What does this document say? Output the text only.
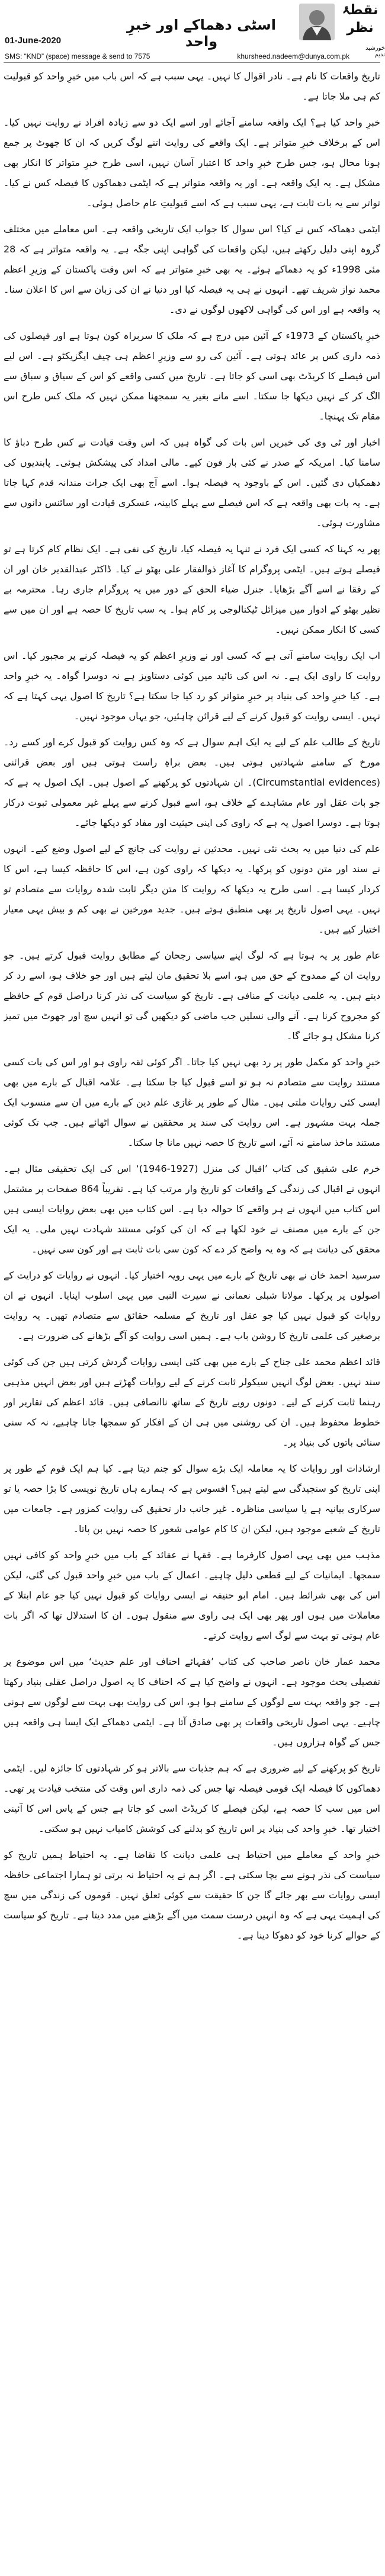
01-June-2020
اسٹی دھماکے اور خبرِ واحد
نقطۂ نظر
خورشید ندیم
SMS: “KND” (space) message & send to 7575	khursheed.nadeem@dunya.com.pk

تاریخ واقعات کا نام ہے۔ نادر اقوال کا نہیں۔ یہی سبب ہے کہ اس باب میں خبرِ واحد کو قبولیت کم ہی ملا جاتا ہے۔

خبرِ واحد کیا ہے؟ ایک واقعہ سامنے آجائے اور اسے ایک دو سے زیادہ افراد نے روایت نہیں کیا۔ اس کے برخلاف خبرِ متواتر ہے۔ ایک واقعے کی روایت اتنے لوگ کریں کہ ان کا جھوٹ پر جمع ہونا محال ہو، جس طرح خبرِ واحد کا اعتبار آسان نہیں، اسی طرح خبرِ متواتر کا انکار بھی مشکل ہے۔ یہ ایک واقعہ ہے۔ اور یہ واقعہ متواتر ہے کہ ایٹمی دھماکوں کا فیصلہ کس نے کیا۔ تواتر سے یہ بات ثابت ہے، یہی سبب ہے کہ اسے قبولیتِ عام حاصل ہوئی۔

ایٹمی دھماکہ کس نے کیا؟ اس سوال کا جواب ایک تاریخی واقعہ ہے۔ اس معاملے میں مختلف گروہ اپنی دلیل رکھتے ہیں، لیکن واقعات کی گواہی اپنی جگہ ہے۔ یہ واقعہ متواتر ہے کہ 28 مئی 1998ء کو یہ دھماکے ہوئے۔ یہ بھی خبرِ متواتر ہے کہ اس وقت پاکستان کے وزیرِ اعظم محمد نواز شریف تھے۔ انہوں نے ہی یہ فیصلہ کیا اور دنیا نے ان کی زبان سے اس کا اعلان سنا۔ یہ واقعہ ہے اور اس کی گواہی لاکھوں لوگوں نے دی۔

خبرِ پاکستان کے 1973ء کے آئین میں درج ہے کہ ملک کا سربراہ کون ہوتا ہے اور فیصلوں کی ذمہ داری کس پر عائد ہوتی ہے۔ آئین کی رو سے وزیرِ اعظم ہی چیف ایگزیکٹو ہے۔ اس لیے اس فیصلے کا کریڈٹ بھی اسی کو جاتا ہے۔ تاریخ میں کسی واقعے کو اس کے سیاق و سباق سے الگ کر کے نہیں دیکھا جا سکتا۔ اسے مانے بغیر یہ سمجھنا ممکن نہیں کہ ملک کس طرح اس مقام تک پہنچا۔

اخبار اور ٹی وی کی خبریں اس بات کی گواہ ہیں کہ اس وقت قیادت نے کس طرح دباؤ کا سامنا کیا۔ امریکہ کے صدر نے کئی بار فون کیے۔ مالی امداد کی پیشکش ہوئی۔ پابندیوں کی دھمکیاں دی گئیں۔ اس کے باوجود یہ فیصلہ ہوا۔ اسے آج بھی ایک جرات مندانہ قدم کہا جاتا ہے۔ یہ بات بھی واقعہ ہے کہ اس فیصلے سے پہلے کابینہ، عسکری قیادت اور سائنس دانوں سے مشاورت ہوئی۔

پھر یہ کہنا کہ کسی ایک فرد نے تنہا یہ فیصلہ کیا، تاریخ کی نفی ہے۔ ایک نظام کام کرتا ہے تو فیصلے ہوتے ہیں۔ ایٹمی پروگرام کا آغاز ذوالفقار علی بھٹو نے کیا۔ ڈاکٹر عبدالقدیر خان اور ان کے رفقا نے اسے آگے بڑھایا۔ جنرل ضیاء الحق کے دور میں یہ پروگرام جاری رہا۔ محترمہ بے نظیر بھٹو کے ادوار میں میزائل ٹیکنالوجی پر کام ہوا۔ یہ سب تاریخ کا حصہ ہے اور ان میں سے کسی کا انکار ممکن نہیں۔

اب ایک روایت سامنے آتی ہے کہ کسی اور نے وزیرِ اعظم کو یہ فیصلہ کرنے پر مجبور کیا۔ اس روایت کا راوی ایک ہے۔ نہ اس کی تائید میں کوئی دستاویز ہے نہ دوسرا گواہ۔ یہ خبرِ واحد ہے۔ کیا خبرِ واحد کی بنیاد پر خبرِ متواتر کو رد کیا جا سکتا ہے؟ تاریخ کا اصول یہی کہتا ہے کہ نہیں۔ ایسی روایت کو قبول کرنے کے لیے قرائن چاہئیں، جو یہاں موجود نہیں۔

تاریخ کے طالب علم کے لیے یہ ایک اہم سوال ہے کہ وہ کس روایت کو قبول کرے اور کسے رد۔ مورخ کے سامنے شہادتیں ہوتی ہیں۔ بعض براہِ راست ہوتی ہیں اور بعض قرائنی (Circumstantial evidences)۔ ان شہادتوں کو پرکھنے کے اصول ہیں۔ ایک اصول یہ ہے کہ جو بات عقل اور عام مشاہدے کے خلاف ہو، اسے قبول کرنے سے پہلے غیر معمولی ثبوت درکار ہوتا ہے۔ دوسرا اصول یہ ہے کہ راوی کی اپنی حیثیت اور مفاد کو دیکھا جائے۔

علم کی دنیا میں یہ بحث نئی نہیں۔ محدثین نے روایت کی جانچ کے لیے اصول وضع کیے۔ انہوں نے سند اور متن دونوں کو پرکھا۔ یہ دیکھا کہ راوی کون ہے، اس کا حافظہ کیسا ہے، اس کا کردار کیسا ہے۔ اسی طرح یہ دیکھا کہ روایت کا متن دیگر ثابت شدہ روایات سے متصادم تو نہیں۔ یہی اصول تاریخ پر بھی منطبق ہوتے ہیں۔ جدید مورخین نے بھی کم و بیش یہی معیار اختیار کیے ہیں۔

عام طور پر یہ ہوتا ہے کہ لوگ اپنے سیاسی رجحان کے مطابق روایت قبول کرتے ہیں۔ جو روایت ان کے ممدوح کے حق میں ہو، اسے بلا تحقیق مان لیتے ہیں اور جو خلاف ہو، اسے رد کر دیتے ہیں۔ یہ علمی دیانت کے منافی ہے۔ تاریخ کو سیاست کی نذر کرنا دراصل قوم کے حافظے کو مجروح کرنا ہے۔ آنے والی نسلیں جب ماضی کو دیکھیں گی تو انہیں سچ اور جھوٹ میں تمیز کرنا مشکل ہو جائے گا۔

خبرِ واحد کو مکمل طور پر رد بھی نہیں کیا جاتا۔ اگر کوئی ثقہ راوی ہو اور اس کی بات کسی مستند روایت سے متصادم نہ ہو تو اسے قبول کیا جا سکتا ہے۔ علامہ اقبال کے بارے میں بھی ایسی کئی روایات ملتی ہیں۔ مثال کے طور پر غازی علم دین کے بارے میں ان سے منسوب ایک جملہ بہت مشہور ہے۔ اس روایت کی سند پر محققین نے سوال اٹھائے ہیں۔ جب تک کوئی مستند ماخذ سامنے نہ آئے، اسے تاریخ کا حصہ نہیں مانا جا سکتا۔

خرم علی شفیق کی کتاب ’اقبال کی منزل (1927-1946)‘ اس کی ایک تحقیقی مثال ہے۔ انہوں نے اقبال کی زندگی کے واقعات کو تاریخ وار مرتب کیا ہے۔ تقریباً 864 صفحات پر مشتمل اس کتاب میں انہوں نے ہر واقعے کا حوالہ دیا ہے۔ اس کتاب میں بھی بعض روایات ایسی ہیں جن کے بارے میں مصنف نے خود لکھا ہے کہ ان کی کوئی مستند شہادت نہیں ملی۔ یہ ایک محقق کی دیانت ہے کہ وہ یہ واضح کر دے کہ کون سی بات ثابت ہے اور کون سی نہیں۔

سرسید احمد خان نے بھی تاریخ کے بارے میں یہی رویہ اختیار کیا۔ انہوں نے روایات کو درایت کے اصولوں پر پرکھا۔ مولانا شبلی نعمانی نے سیرت النبی میں یہی اسلوب اپنایا۔ انہوں نے ان روایات کو قبول نہیں کیا جو عقل اور تاریخ کے مسلمہ حقائق سے متصادم تھیں۔ یہ روایت برصغیر کی علمی تاریخ کا روشن باب ہے۔ ہمیں اسی روایت کو آگے بڑھانے کی ضرورت ہے۔

قائد اعظم محمد علی جناح کے بارے میں بھی کئی ایسی روایات گردش کرتی ہیں جن کی کوئی سند نہیں۔ بعض لوگ انہیں سیکولر ثابت کرنے کے لیے روایات گھڑتے ہیں اور بعض انہیں مذہبی رہنما ثابت کرنے کے لیے۔ دونوں رویے تاریخ کے ساتھ ناانصافی ہیں۔ قائد اعظم کی تقاریر اور خطوط محفوظ ہیں۔ ان کی روشنی میں ہی ان کے افکار کو سمجھا جانا چاہیے، نہ کہ سنی سنائی باتوں کی بنیاد پر۔

ارشادات اور روایات کا یہ معاملہ ایک بڑے سوال کو جنم دیتا ہے۔ کیا ہم ایک قوم کے طور پر اپنی تاریخ کو سنجیدگی سے لیتے ہیں؟ افسوس ہے کہ ہمارے ہاں تاریخ نویسی کا بڑا حصہ یا تو سرکاری بیانیہ ہے یا سیاسی مناظرہ۔ غیر جانب دار تحقیق کی روایت کمزور ہے۔ جامعات میں تاریخ کے شعبے موجود ہیں، لیکن ان کا کام عوامی شعور کا حصہ نہیں بن پاتا۔

مذہب میں بھی یہی اصول کارفرما ہے۔ فقہا نے عقائد کے باب میں خبرِ واحد کو کافی نہیں سمجھا۔ ایمانیات کے لیے قطعی دلیل چاہیے۔ اعمال کے باب میں خبرِ واحد قبول کی گئی، لیکن اس کی بھی شرائط ہیں۔ امام ابو حنیفہ نے ایسی روایات کو قبول نہیں کیا جو عام ابتلا کے معاملات میں ہوں اور پھر بھی ایک ہی راوی سے منقول ہوں۔ ان کا استدلال تھا کہ اگر بات عام ہوتی تو بہت سے لوگ اسے روایت کرتے۔

محمد عمار خان ناصر صاحب کی کتاب ’فقہائے احناف اور علم حدیث‘ میں اس موضوع پر تفصیلی بحث موجود ہے۔ انہوں نے واضح کیا ہے کہ احناف کا یہ اصول دراصل عقلی بنیاد رکھتا ہے۔ جو واقعہ بہت سے لوگوں کے سامنے ہوا ہو، اس کی روایت بھی بہت سے لوگوں سے ہونی چاہیے۔ یہی اصول تاریخی واقعات پر بھی صادق آتا ہے۔ ایٹمی دھماکے ایک ایسا ہی واقعہ ہیں جس کے گواہ ہزاروں ہیں۔

تاریخ کو پرکھنے کے لیے ضروری ہے کہ ہم جذبات سے بالاتر ہو کر شہادتوں کا جائزہ لیں۔ ایٹمی دھماکوں کا فیصلہ ایک قومی فیصلہ تھا جس کی ذمہ داری اس وقت کی منتخب قیادت پر تھی۔ اس میں سب کا حصہ ہے، لیکن فیصلے کا کریڈٹ اسی کو جاتا ہے جس کے پاس اس کا آئینی اختیار تھا۔ خبرِ واحد کی بنیاد پر اس تاریخ کو بدلنے کی کوشش کامیاب نہیں ہو سکتی۔

خبرِ واحد کے معاملے میں احتیاط ہی علمی دیانت کا تقاضا ہے۔ یہ احتیاط ہمیں تاریخ کو سیاست کی نذر ہونے سے بچا سکتی ہے۔ اگر ہم نے یہ احتیاط نہ برتی تو ہمارا اجتماعی حافظہ ایسی روایات سے بھر جائے گا جن کا حقیقت سے کوئی تعلق نہیں۔ قوموں کی زندگی میں سچ کی اہمیت یہی ہے کہ وہ انہیں درست سمت میں آگے بڑھنے میں مدد دیتا ہے۔ تاریخ کو سیاست کے حوالے کرنا خود کو دھوکا دینا ہے۔
